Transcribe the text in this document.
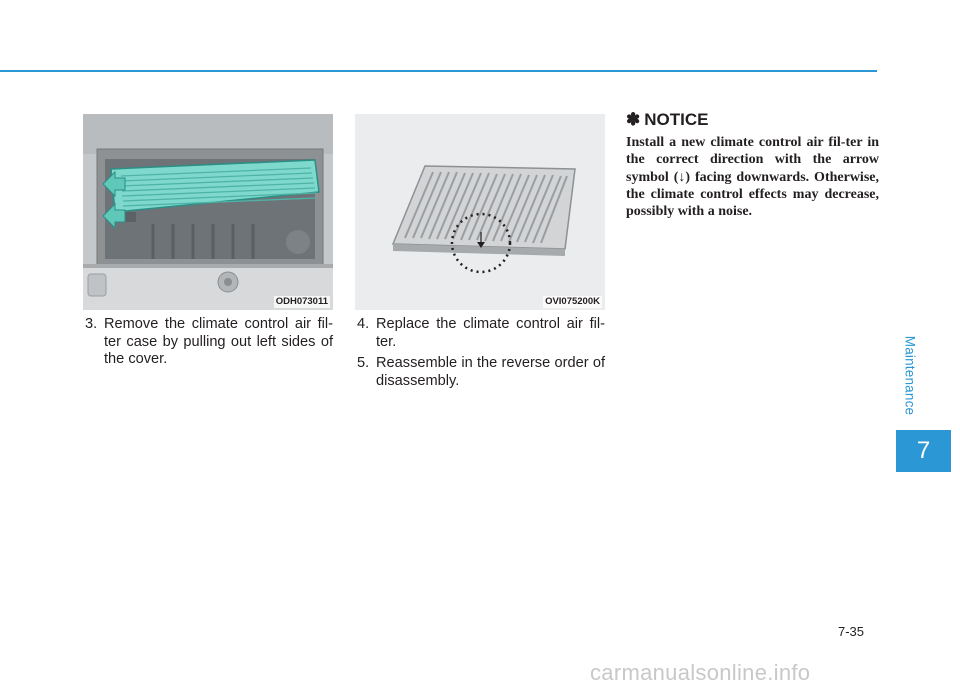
ODH073011	OVI075200K
3. Remove the climate control air fil-ter case by pulling out left sides of the cover.
4. Replace the climate control air fil-ter.
5. Reassemble in the reverse order of disassembly.
✽ NOTICE
Install a new climate control air fil-ter in the correct direction with the arrow symbol (↓) facing downwards. Otherwise, the climate control effects may decrease, possibly with a noise.
Maintenance
7
7-35
carmanualsonline.info
